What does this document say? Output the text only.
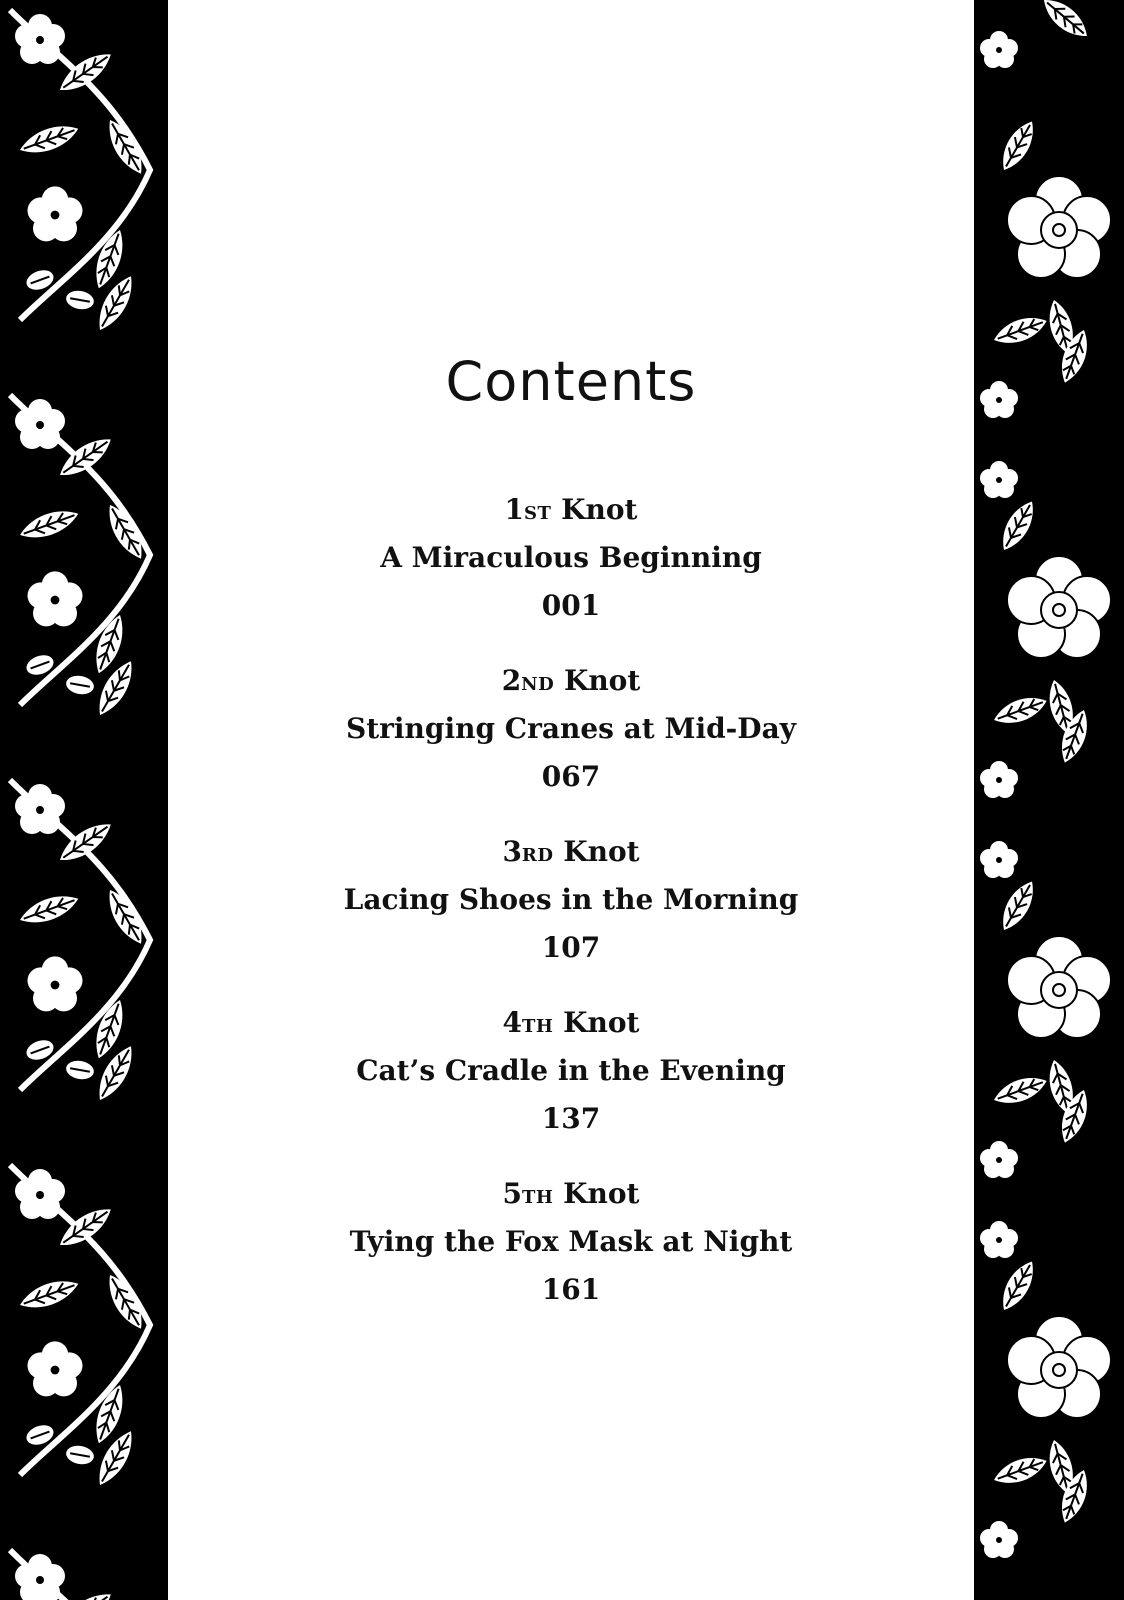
Contents
1ST Knot
A Miraculous Beginning
001
2ND Knot
Stringing Cranes at Mid-Day
067
3RD Knot
Lacing Shoes in the Morning
107
4TH Knot
Cat’s Cradle in the Evening
137
5TH Knot
Tying the Fox Mask at Night
161
